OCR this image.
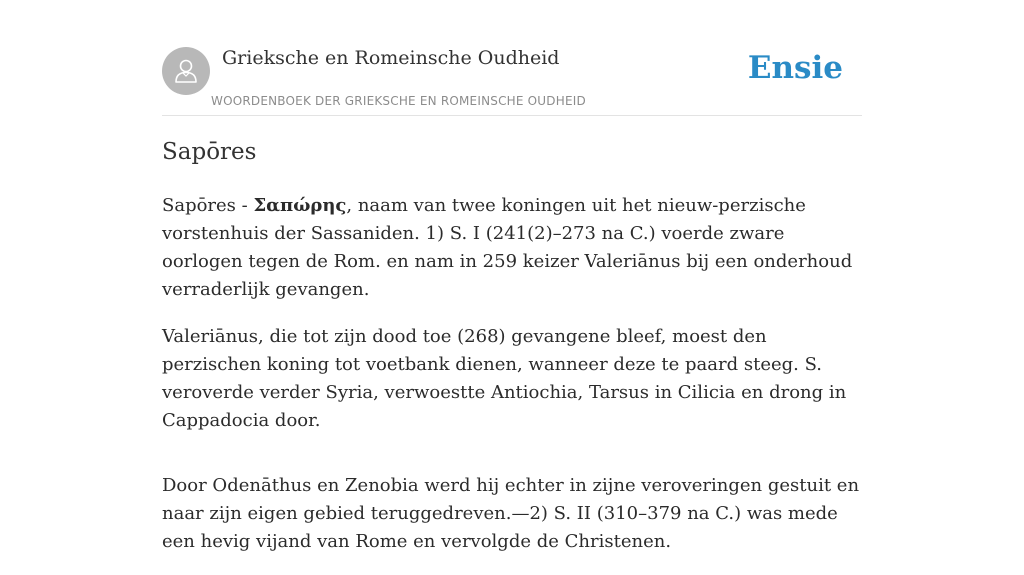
Grieksche en Romeinsche Oudheid
WOORDENBOEK DER GRIEKSCHE EN ROMEINSCHE OUDHEID
Ensie
Sapōres

Sapōres - Σαπώρης, naam van twee koningen uit het nieuw-perzische vorstenhuis der Sassaniden. 1) S. I (241(2)–273 na C.) voerde zware oorlogen tegen de Rom. en nam in 259 keizer Valeriānus bij een onderhoud verraderlijk gevangen.

Valeriānus, die tot zijn dood toe (268) gevangene bleef, moest den perzischen koning tot voetbank dienen, wanneer deze te paard steeg. S. veroverde verder Syria, verwoestte Antiochia, Tarsus in Cilicia en drong in Cappadocia door.

Door Odenāthus en Zenobia werd hij echter in zijne veroveringen gestuit en naar zijn eigen gebied teruggedreven.—2) S. II (310–379 na C.) was mede een hevig vijand van Rome en vervolgde de Christenen.
